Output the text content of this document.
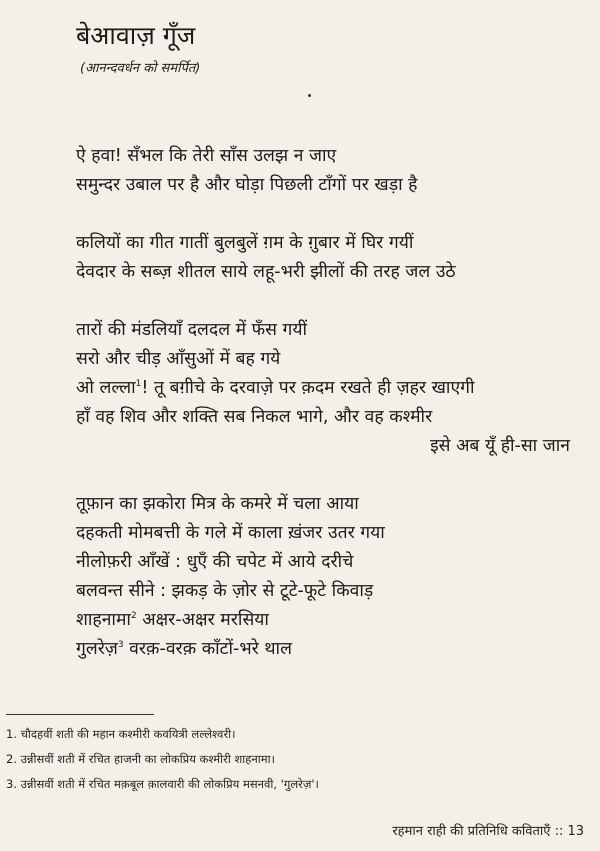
बेआवाज़ गूँज
(आनन्दवर्धन को समर्पित)
ऐ हवा! सँभल कि तेरी साँस उलझ न जाए
समुन्दर उबाल पर है और घोड़ा पिछली टाँगों पर खड़ा है
कलियों का गीत गातीं बुलबुलें ग़म के ग़ुबार में घिर गयीं
देवदार के सब्ज़ शीतल साये लहू-भरी झीलों की तरह जल उठे
तारों की मंडलियाँ दलदल में फँस गयीं
सरो और चीड़ आँसुओं में बह गये
ओ लल्ला$^1$! तू बग़ीचे के दरवाज़े पर क़दम रखते ही ज़हर खाएगी
हाँ वह शिव और शक्ति सब निकल भागे, और वह कश्मीर
इसे अब यूँ ही-सा जान
तूफ़ान का झकोरा मित्र के कमरे में चला आया
दहकती मोमबत्ती के गले में काला ख़ंजर उतर गया
नीलोफ़री आँखें : धुएँ की चपेट में आये दरीचे
बलवन्त सीने : झकड़ के ज़ोर से टूटे-फूटे किवाड़
शाहनामा$^2$ अक्षर-अक्षर मरसिया
गुलरेज़$^3$ वरक़-वरक़ काँटों-भरे थाल
1. चौदहवीं शती की महान कश्मीरी कवयित्री लल्लेश्वरी।
2. उन्नीसवीं शती में रचित हाजनी का लोकप्रिय कश्मीरी शाहनामा।
3. उन्नीसवीं शती में रचित मक़बूल क़ालवारी की लोकप्रिय मसनवी, 'गुलरेज़'।
रहमान राही की प्रतिनिधि कविताएँ :: 13
